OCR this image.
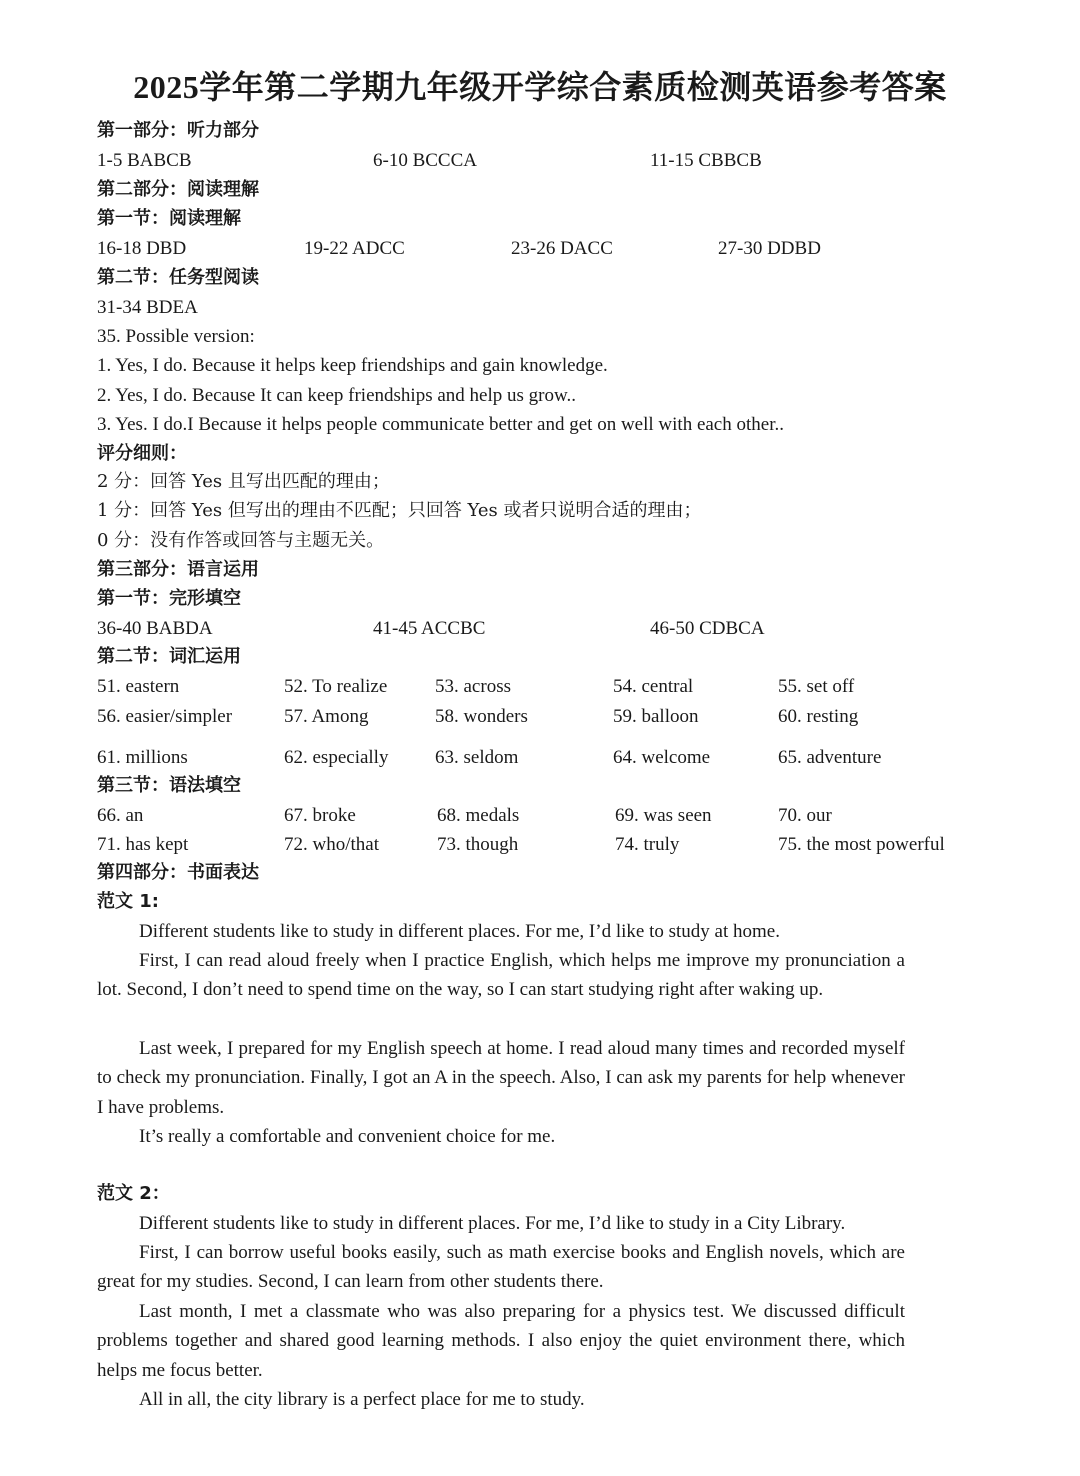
2025学年第二学期九年级开学综合素质检测英语参考答案
第一部分：听力部分
1-5 BABCB	6-10 BCCCA	11-15 CBBCB
第二部分：阅读理解
第一节：阅读理解
16-18 DBD	19-22 ADCC	23-26 DACC	27-30 DDBD
第二节：任务型阅读
31-34 BDEA
35. Possible version:
1. Yes, I do. Because it helps keep friendships and gain knowledge.
2. Yes, I do. Because It can keep friendships and help us grow..
3. Yes. I do.I Because it helps people communicate better and get on well with each other..
评分细则：
2 分：回答 Yes 且写出匹配的理由；
1 分：回答 Yes 但写出的理由不匹配；只回答 Yes 或者只说明合适的理由；
0 分：没有作答或回答与主题无关。
第三部分：语言运用
第一节：完形填空
36-40 BABDA	41-45 ACCBC	46-50 CDBCA
第二节：词汇运用
51. eastern	52. To realize	53. across	54. central	55. set off
56. easier/simpler	57. Among	58. wonders	59. balloon	60. resting
61. millions	62. especially 63. seldom	64. welcome	65. adventure
第三节：语法填空
66. an	67. broke	68. medals	69. was seen	70. our
71. has kept	72. who/that	73. though	74. truly	75. the most powerful
第四部分：书面表达
范文 1:

Different students like to study in different places. For me, I’d like to study at home.

First, I can read aloud freely when I practice English, which helps me improve my pronunciation a lot. Second, I don’t need to spend time on the way, so I can start studying right after waking up.

Last week, I prepared for my English speech at home. I read aloud many times and recorded myself to check my pronunciation. Finally, I got an A in the speech. Also, I can ask my parents for help whenever I have problems.

It’s really a comfortable and convenient choice for me.

范文 2：

Different students like to study in different places. For me, I’d like to study in a City Library.

First, I can borrow useful books easily, such as math exercise books and English novels, which are great for my studies. Second, I can learn from other students there.

Last month, I met a classmate who was also preparing for a physics test. We discussed difficult problems together and shared good learning methods. I also enjoy the quiet environment there, which helps me focus better.

All in all, the city library is a perfect place for me to study.
